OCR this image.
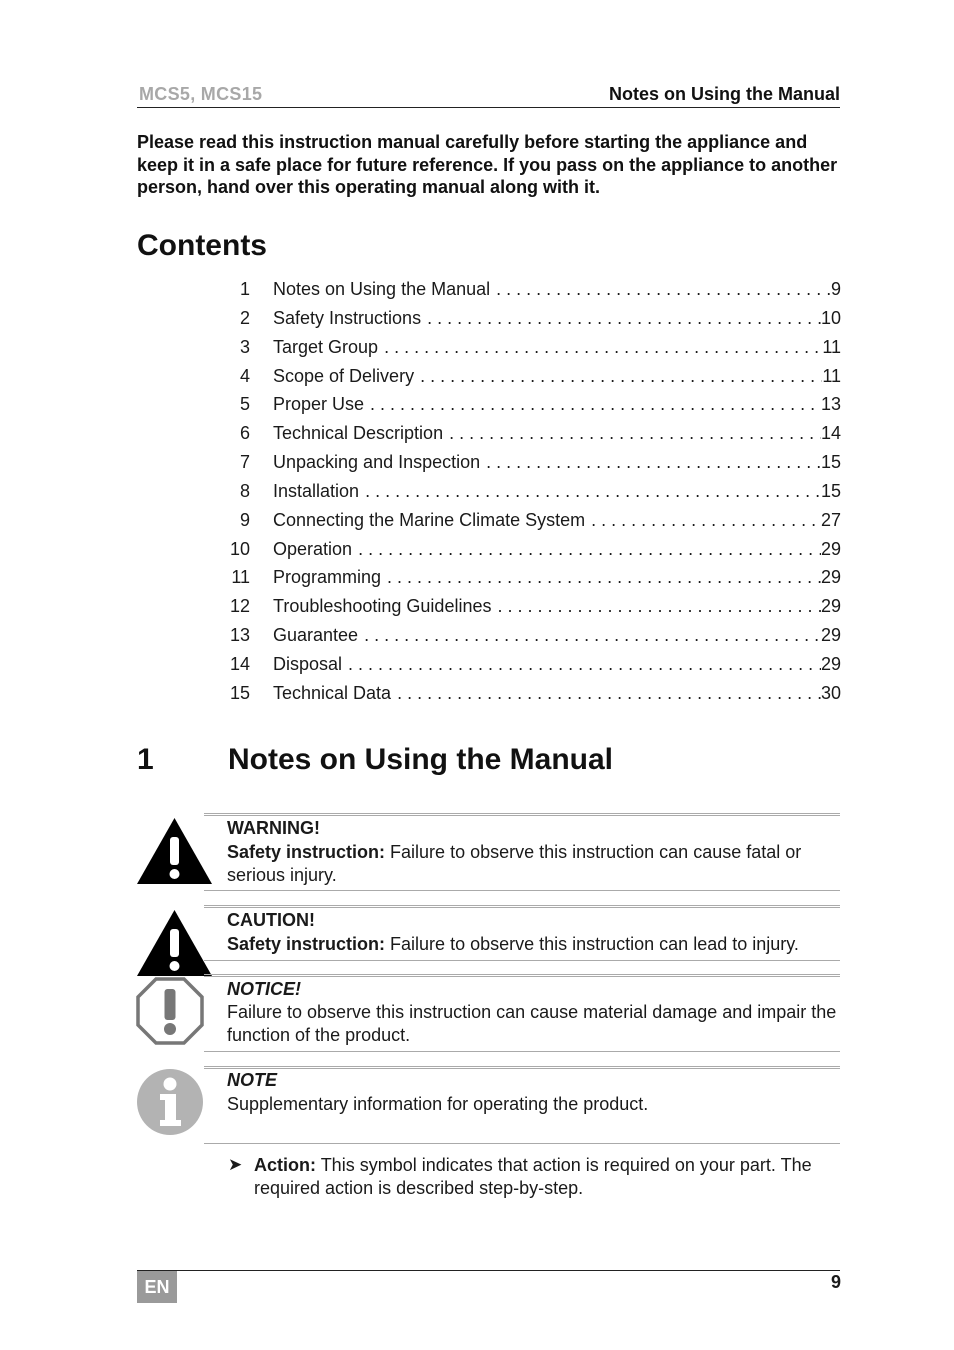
MCS5, MCS15	Notes on Using the Manual
Please read this instruction manual carefully before starting the appliance and keep it in a safe place for future reference. If you pass on the appliance to another person, hand over this operating manual along with it.
Contents
1 Notes on Using the Manual . . .	9
2 Safety Instructions . . .	10
3 Target Group . . .	11
4 Scope of Delivery . . .	11
5 Proper Use . . .	13
6 Technical Description . . .	14
7 Unpacking and Inspection . . .	15
8 Installation . . .	15
9 Connecting the Marine Climate System . . .	27
10 Operation . . .	29
11 Programming . . .	29
12 Troubleshooting Guidelines . . .	29
13 Guarantee . . .	29
14 Disposal . . .	29
15 Technical Data . . .	30
1 Notes on Using the Manual
WARNING!
Safety instruction: Failure to observe this instruction can cause fatal or serious injury.
CAUTION!
Safety instruction: Failure to observe this instruction can lead to injury.
NOTICE!
Failure to observe this instruction can cause material damage and impair the function of the product.
NOTE
Supplementary information for operating the product.
➤ Action: This symbol indicates that action is required on your part. The required action is described step-by-step.
EN	9
